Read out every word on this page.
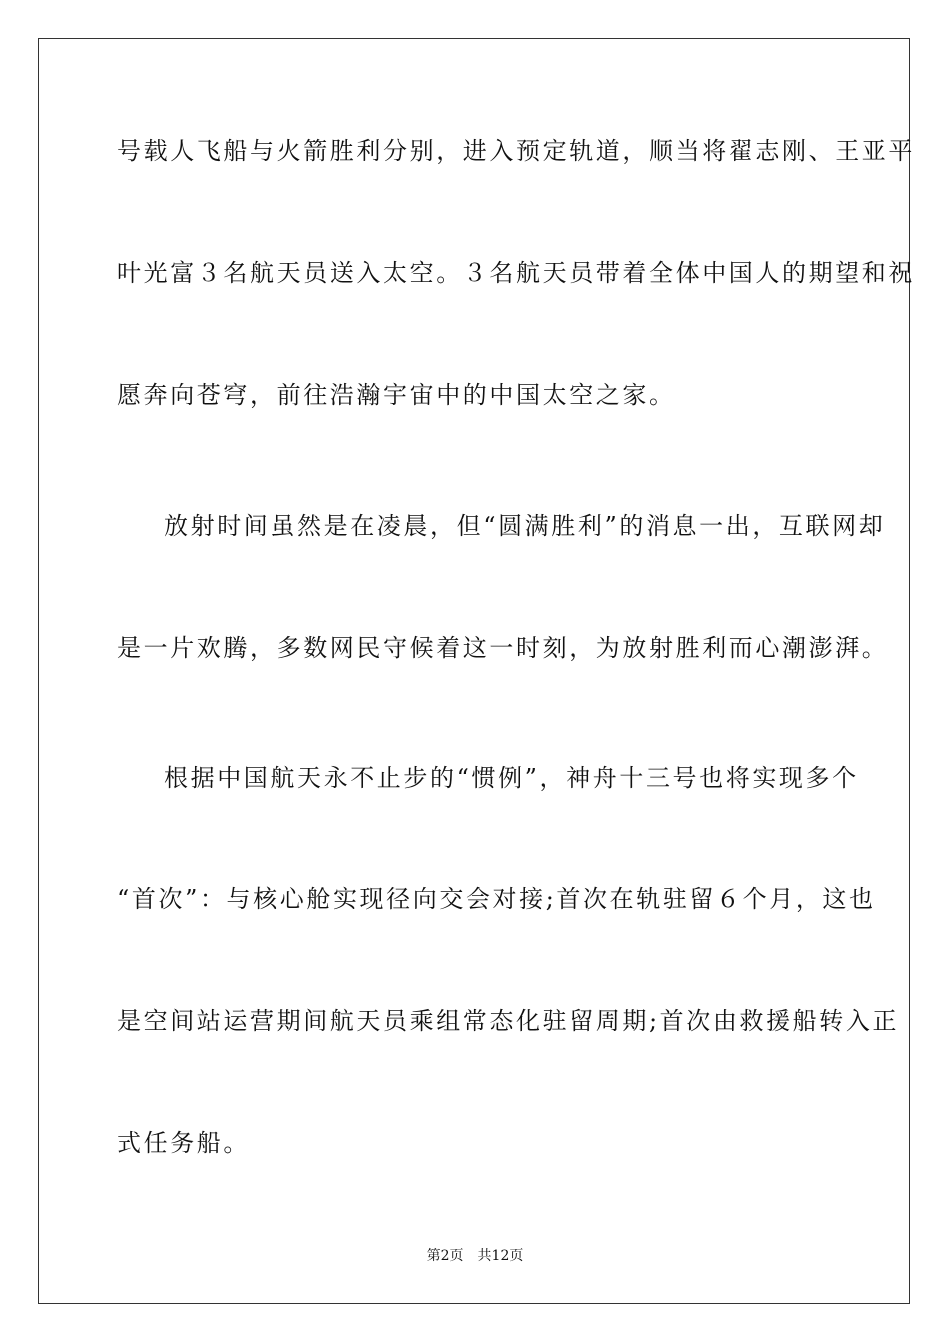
号载人飞船与火箭胜利分别，进入预定轨道，顺当将翟志刚、王亚平
叶光富３名航天员送入太空。３名航天员带着全体中国人的期望和祝
愿奔向苍穹，前往浩瀚宇宙中的中国太空之家。
放射时间虽然是在凌晨，但“圆满胜利”的消息一出，互联网却
是一片欢腾，多数网民守候着这一时刻，为放射胜利而心潮澎湃。
根据中国航天永不止步的“惯例”，神舟十三号也将实现多个
“首次”：与核心舱实现径向交会对接;首次在轨驻留６个月，这也
是空间站运营期间航天员乘组常态化驻留周期;首次由救援船转入正
式任务船。
第2页　共12页
